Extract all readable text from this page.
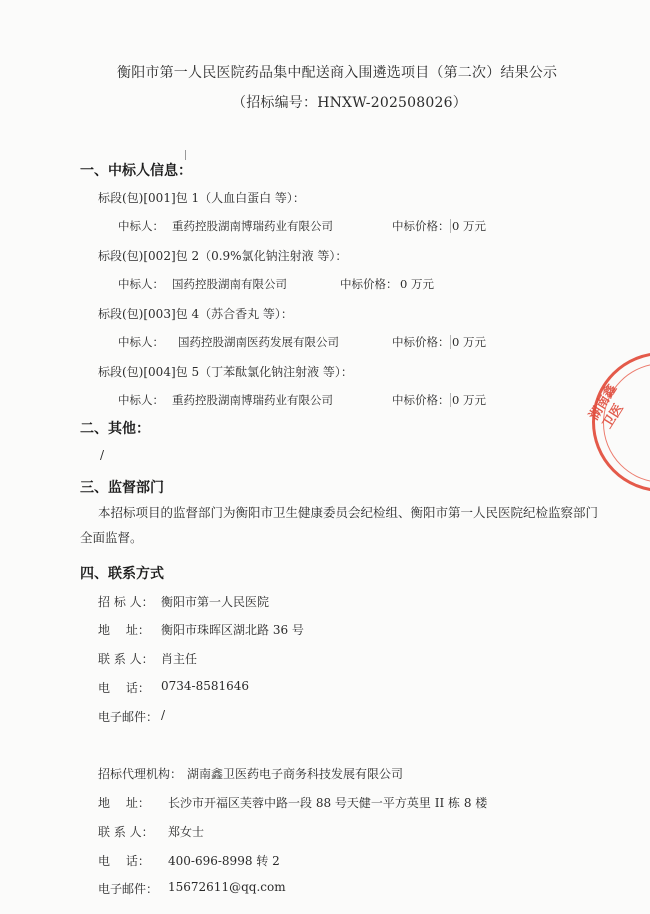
衡阳市第一人民医院药品集中配送商入围遴选项目（第二次）结果公示
（招标编号：HNXW-202508026）
一、中标人信息：
标段(包)[001]包 1（人血白蛋白 等）：
中标人： 重药控股湖南博瑞药业有限公司	中标价格： 0 万元
标段(包)[002]包 2（0.9%氯化钠注射液 等）：
中标人： 国药控股湖南有限公司	中标价格： 0 万元
标段(包)[003]包 4（苏合香丸 等）：
中标人： 国药控股湖南医药发展有限公司	中标价格： 0 万元
标段(包)[004]包 5（丁苯酞氯化钠注射液 等）：
中标人： 重药控股湖南博瑞药业有限公司	中标价格： 0 万元
二、其他：
/
三、监督部门
本招标项目的监督部门为衡阳市卫生健康委员会纪检组、衡阳市第一人民医院纪检监察部门全面监督。
四、联系方式
招 标 人： 衡阳市第一人民医院
地　 址： 衡阳市珠晖区湖北路 36 号
联 系 人： 肖主任
电　 话： 0734-8581646
电子邮件： /
招标代理机构： 湖南鑫卫医药电子商务科技发展有限公司
地　 址： 长沙市开福区芙蓉中路一段 88 号天健一平方英里 II 栋 8 楼
联 系 人： 郑女士
电　 话： 400-696-8998 转 2
电子邮件： 15672611@qq.com
湖南鑫卫医
